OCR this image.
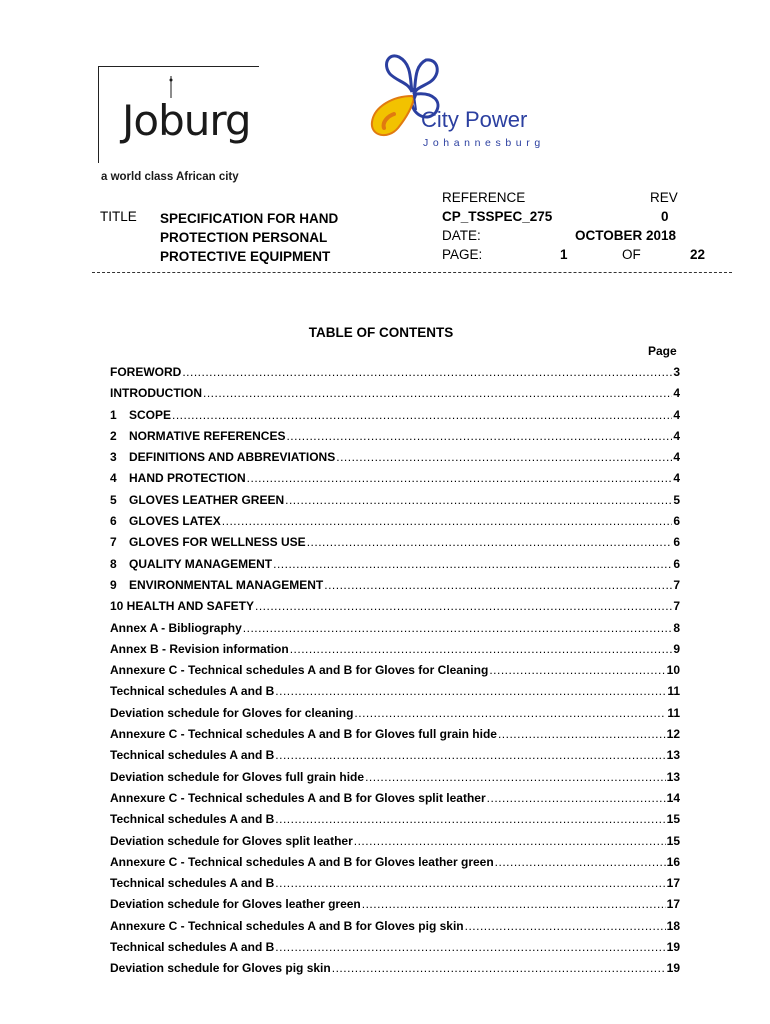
Job
urg
a world class African city
City Power
Johannesburg
TITLE SPECIFICATION FOR HAND
PROTECTION PERSONAL
PROTECTIVE EQUIPMENT
REFERENCE	REV
CP_TSSPEC_275	0
DATE:	OCTOBER 2018
PAGE:	1	OF	22
TABLE OF CONTENTS
Page
FOREWORD .....	3
INTRODUCTION .....	4
1	SCOPE .....	4
2	NORMATIVE REFERENCES .....	4
3	DEFINITIONS AND ABBREVIATIONS .....	4
4	HAND PROTECTION .....	4
5	GLOVES LEATHER GREEN .....	5
6	GLOVES LATEX .....	6
7	GLOVES FOR WELLNESS USE .....	6
8	QUALITY MANAGEMENT .....	6
9	ENVIRONMENTAL MANAGEMENT .....	7
10 HEALTH AND SAFETY .....	7
Annex A - Bibliography .....	8
Annex B - Revision information .....	9
Annexure C - Technical schedules A and B for Gloves for Cleaning .....	10
Technical schedules A and B .....	11
Deviation schedule for Gloves for cleaning .....	11
Annexure C - Technical schedules A and B for Gloves full grain hide .....	12
Technical schedules A and B .....	13
Deviation schedule for Gloves full grain hide .....	13
Annexure C - Technical schedules A and B for Gloves split leather .....	14
Technical schedules A and B .....	15
Deviation schedule for Gloves split leather .....	15
Annexure C - Technical schedules A and B for Gloves leather green .....	16
Technical schedules A and B .....	17
Deviation schedule for Gloves leather green .....	17
Annexure C - Technical schedules A and B for Gloves pig skin .....	18
Technical schedules A and B .....	19
Deviation schedule for Gloves pig skin .....	19
